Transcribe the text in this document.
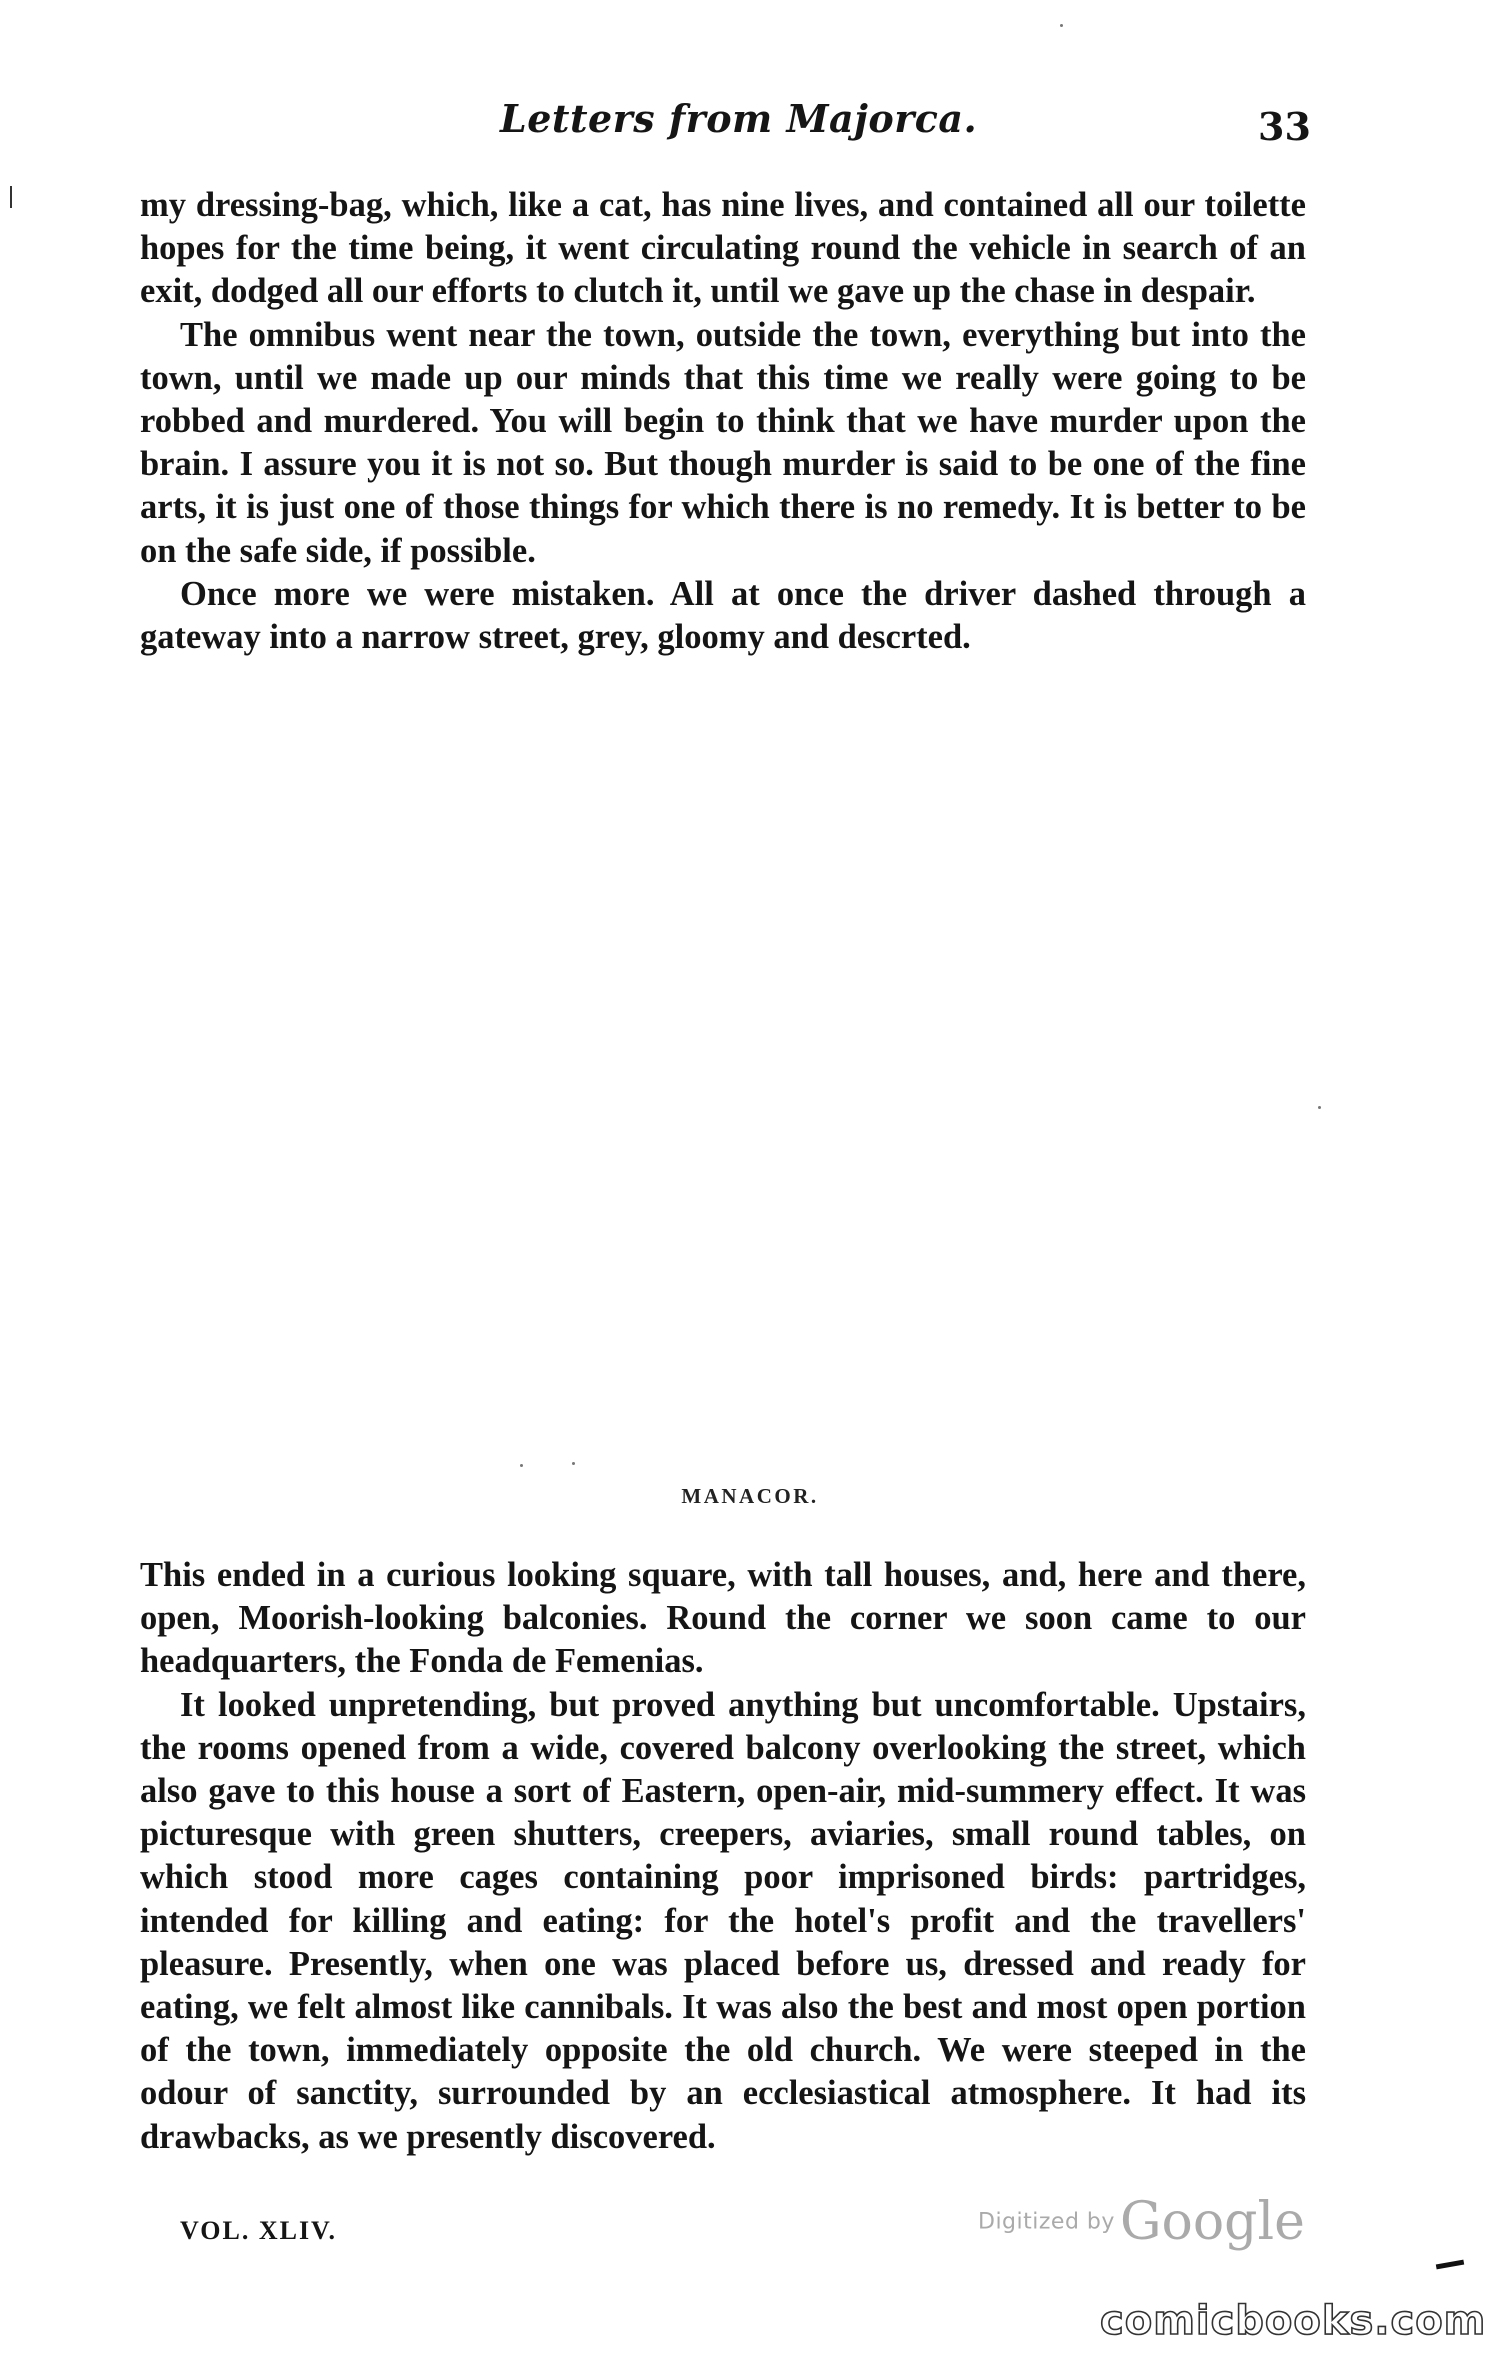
Letters from Majorca.	33

my dressing-bag, which, like a cat, has nine lives, and contained all our toilette hopes for the time being, it went circulating round the vehicle in search of an exit, dodged all our efforts to clutch it, until we gave up the chase in despair.

The omnibus went near the town, outside the town, everything but into the town, until we made up our minds that this time we really were going to be robbed and murdered. You will begin to think that we have murder upon the brain. I assure you it is not so. But though murder is said to be one of the fine arts, it is just one of those things for which there is no remedy. It is better to be on the safe side, if possible.

Once more we were mistaken. All at once the driver dashed through a gateway into a narrow street, grey, gloomy and descrted.

MANACOR.

This ended in a curious looking square, with tall houses, and, here and there, open, Moorish-looking balconies. Round the corner we soon came to our headquarters, the Fonda de Femenias.

It looked unpretending, but proved anything but uncomfortable. Upstairs, the rooms opened from a wide, covered balcony overlooking the street, which also gave to this house a sort of Eastern, open-air, mid-summery effect. It was picturesque with green shutters, creepers, aviaries, small round tables, on which stood more cages containing poor imprisoned birds: partridges, intended for killing and eating: for the hotel's profit and the travellers' pleasure. Presently, when one was placed before us, dressed and ready for eating, we felt almost like cannibals. It was also the best and most open portion of the town, immediately opposite the old church. We were steeped in the odour of sanctity, surrounded by an ecclesiastical atmosphere. It had its drawbacks, as we presently discovered.

VOL. XLIV.	Digitized by Google
comicbooks.com
